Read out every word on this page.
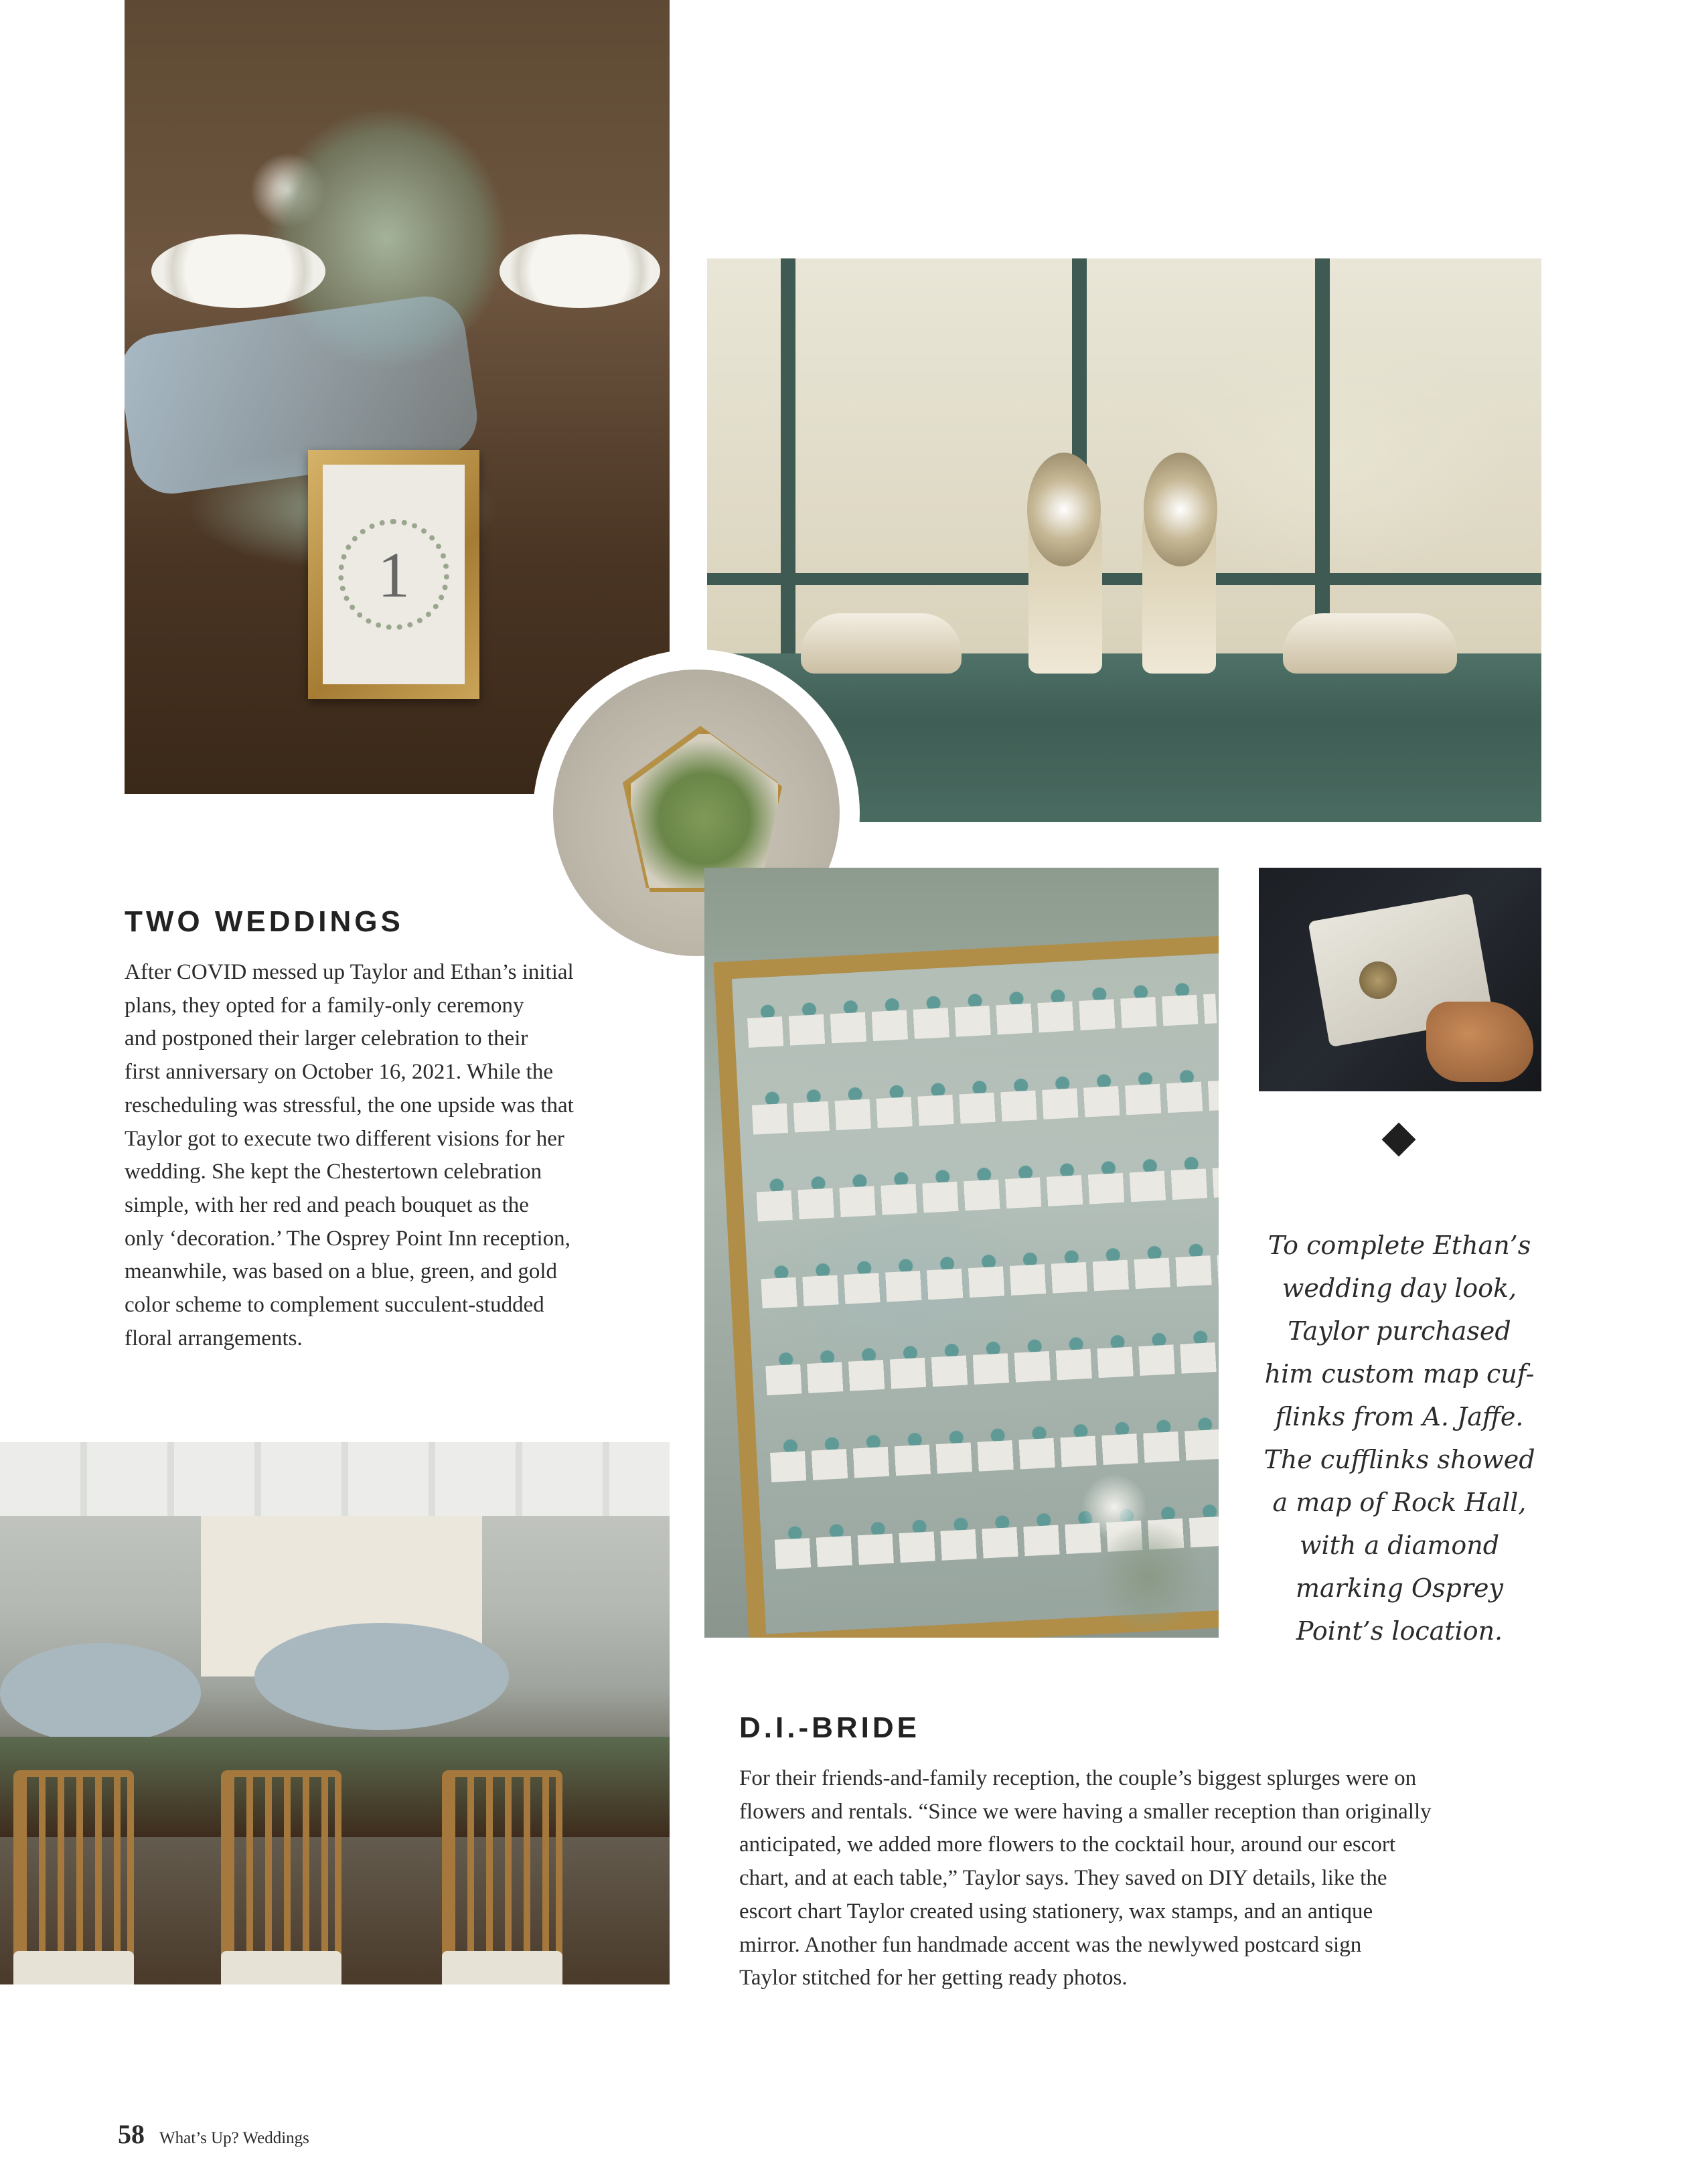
1
TWO WEDDINGS
After COVID messed up Taylor and Ethan’s initial
plans, they opted for a family-only ceremony
and postponed their larger celebration to their
first anniversary on October 16, 2021. While the
rescheduling was stressful, the one upside was that
Taylor got to execute two different visions for her
wedding. She kept the Chestertown celebration
simple, with her red and peach bouquet as the
only ‘decoration.’ The Osprey Point Inn reception,
meanwhile, was based on a blue, green, and gold
color scheme to complement succulent-studded
floral arrangements.
To complete Ethan’s
wedding day look,
Taylor purchased
him custom map cuf-
flinks from A. Jaffe.
The cufflinks showed
a map of Rock Hall,
with a diamond
marking Osprey
Point’s location.
D.I.-BRIDE
For their friends-and-family reception, the couple’s biggest splurges were on
flowers and rentals. “Since we were having a smaller reception than originally
anticipated, we added more flowers to the cocktail hour, around our escort
chart, and at each table,” Taylor says. They saved on DIY details, like the
escort chart Taylor created using stationery, wax stamps, and an antique
mirror. Another fun handmade accent was the newlywed postcard sign
Taylor stitched for her getting ready photos.
58 What’s Up? Weddings
